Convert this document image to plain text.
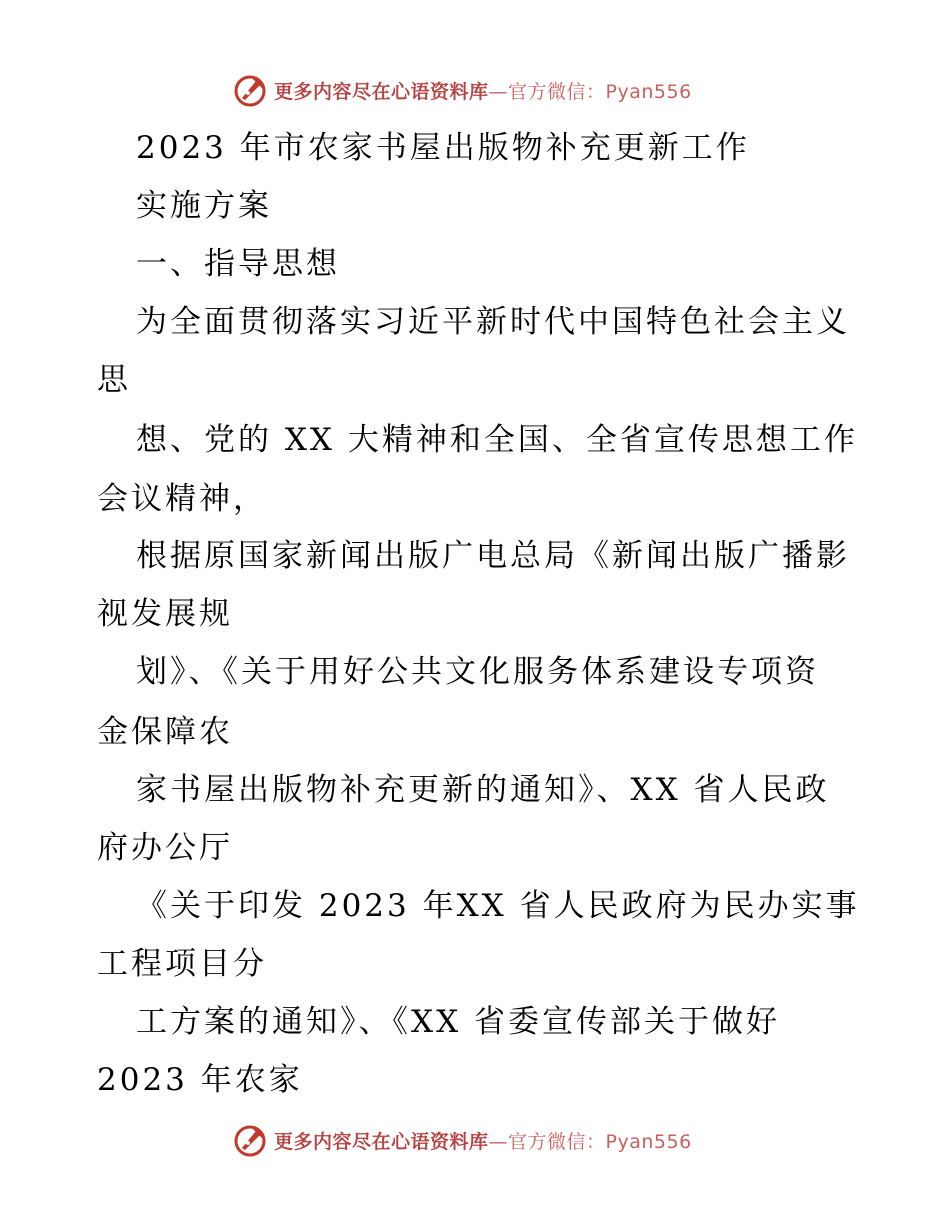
更多内容尽在心语资料库—官方微信：Pyan556
2023 年市农家书屋出版物补充更新工作
实施方案
一、指导思想
为全面贯彻落实习近平新时代中国特色社会主义
思
想、党的 XX 大精神和全国、全省宣传思想工作
会议精神，
根据原国家新闻出版广电总局《新闻出版广播影
视发展规
划》、《关于用好公共文化服务体系建设专项资
金保障农
家书屋出版物补充更新的通知》、XX 省人民政
府办公厅
《关于印发 2023 年XX 省人民政府为民办实事
工程项目分
工方案的通知》、《XX 省委宣传部关于做好
2023 年农家
更多内容尽在心语资料库—官方微信：Pyan556
